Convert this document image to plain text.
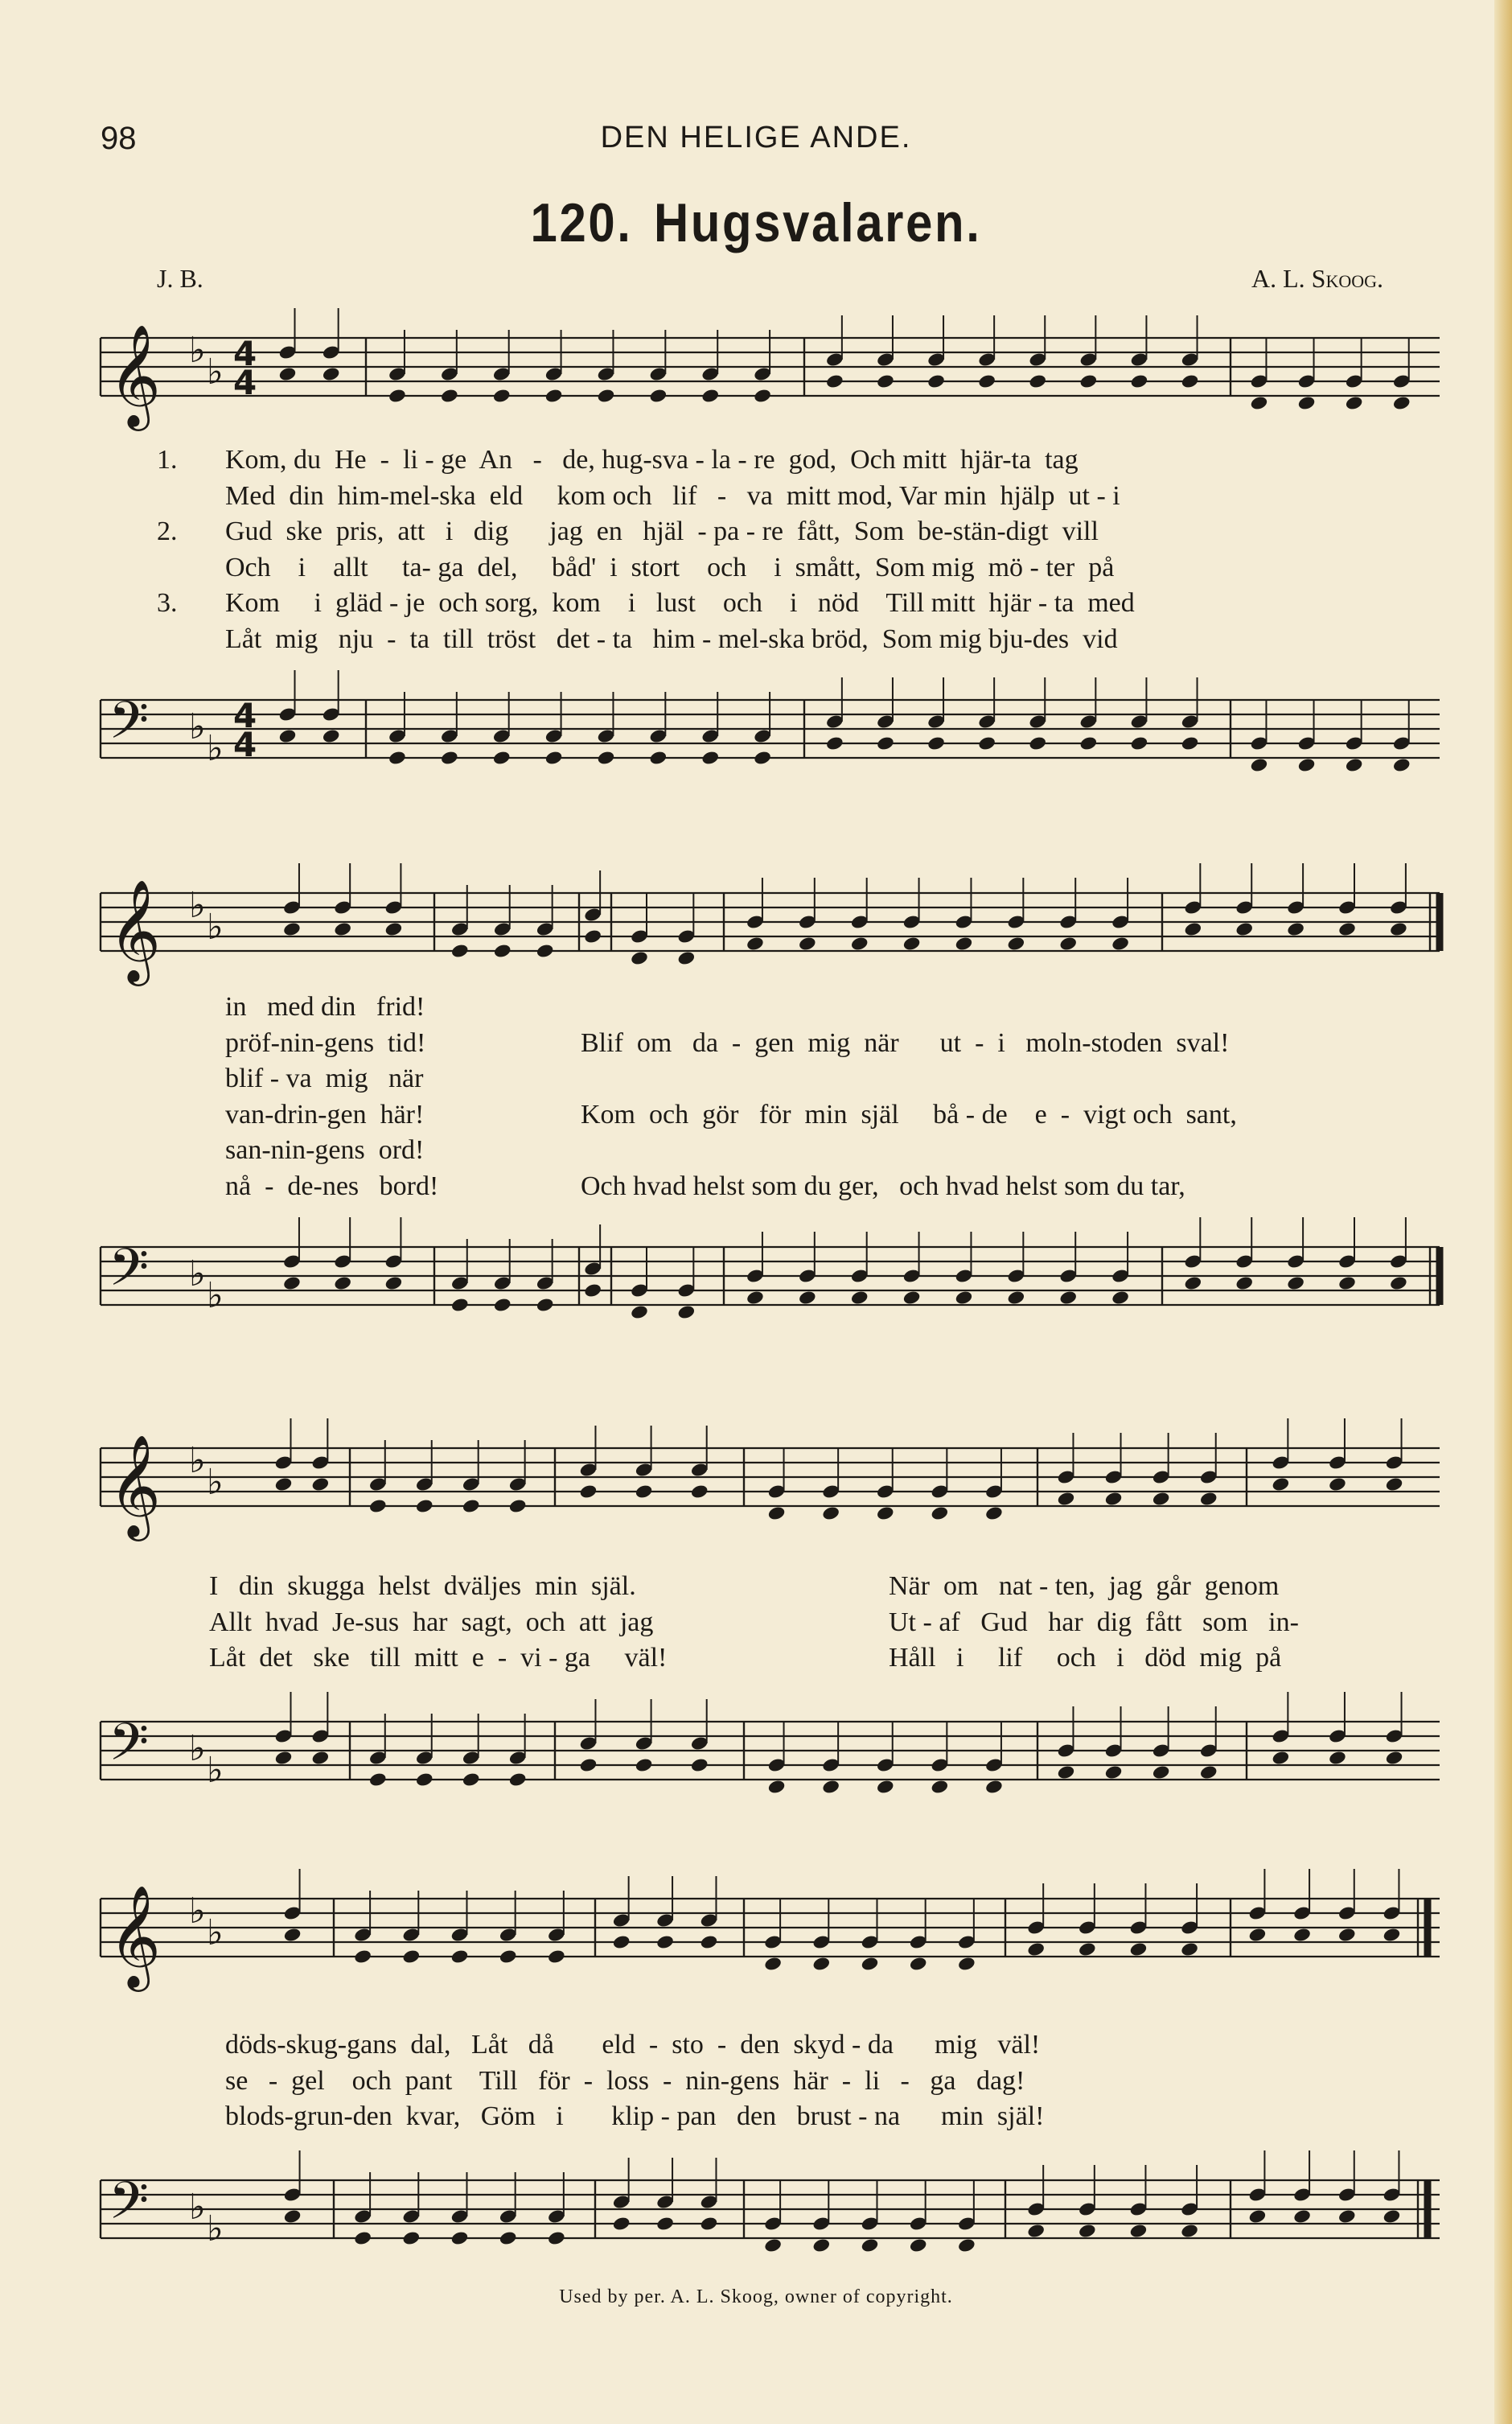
98	DEN HELIGE ANDE.
120. Hugsvalaren.
J. B.	A. L. Skoog.
𝄞 ♭
♭ 4
4
1. Kom, du  He  -  li - ge  An   -   de, hug-sva - la - re  god,  Och mitt  hjär-ta  tag
Med  din  him-mel-ska  eld     kom och   lif   -   va  mitt mod, Var min  hjälp  ut - i
2. Gud  ske  pris,  att   i   dig      jag  en   hjäl  - pa - re  fått,  Som  be-stän-digt  vill
Och    i    allt     ta- ga  del,     båd'  i  stort    och    i  smått,  Som mig  mö - ter  på
3. Kom     i  gläd - je  och sorg,  kom    i   lust    och    i   nöd    Till mitt  hjär - ta  med
Låt  mig   nju  -  ta  till  tröst   det - ta   him - mel-ska bröd,  Som mig bju-des  vid
𝄢 ♭
♭
4
4
𝄞 ♭
♭
in   med din   frid!
pröf-nin-gens  tid!
blif - va  mig   när
van-drin-gen  här!
san-nin-gens  ord!
nå  -  de-nes   bord!
Blif  om   da  -  gen  mig  när      ut  -  i   moln-stoden  sval!
Kom  och  gör   för  min  själ     bå - de    e  -  vigt och  sant,
Och hvad helst som du ger,   och hvad helst som du tar,
𝄢 ♭
♭
𝄞 ♭
♭
I   din  skugga  helst  dväljes  min  själ.
Allt  hvad  Je-sus  har  sagt,  och  att  jag
Låt  det   ske   till  mitt  e  -  vi - ga     väl!
När  om   nat - ten,  jag  går  genom
Ut - af   Gud   har  dig  fått   som   in-
Håll   i     lif     och   i   död  mig  på
𝄢 ♭
♭
𝄞 ♭
♭
döds-skug-gans  dal,   Låt   då       eld  -  sto  -  den  skyd - da      mig   väl!
se   -  gel    och  pant    Till   för  -  loss  -  nin-gens  här  -  li   -   ga   dag!
blods-grun-den  kvar,   Göm   i       klip - pan   den   brust - na      min  själ!
𝄢 ♭
♭
Used by per. A. L. Skoog, owner of copyright.
